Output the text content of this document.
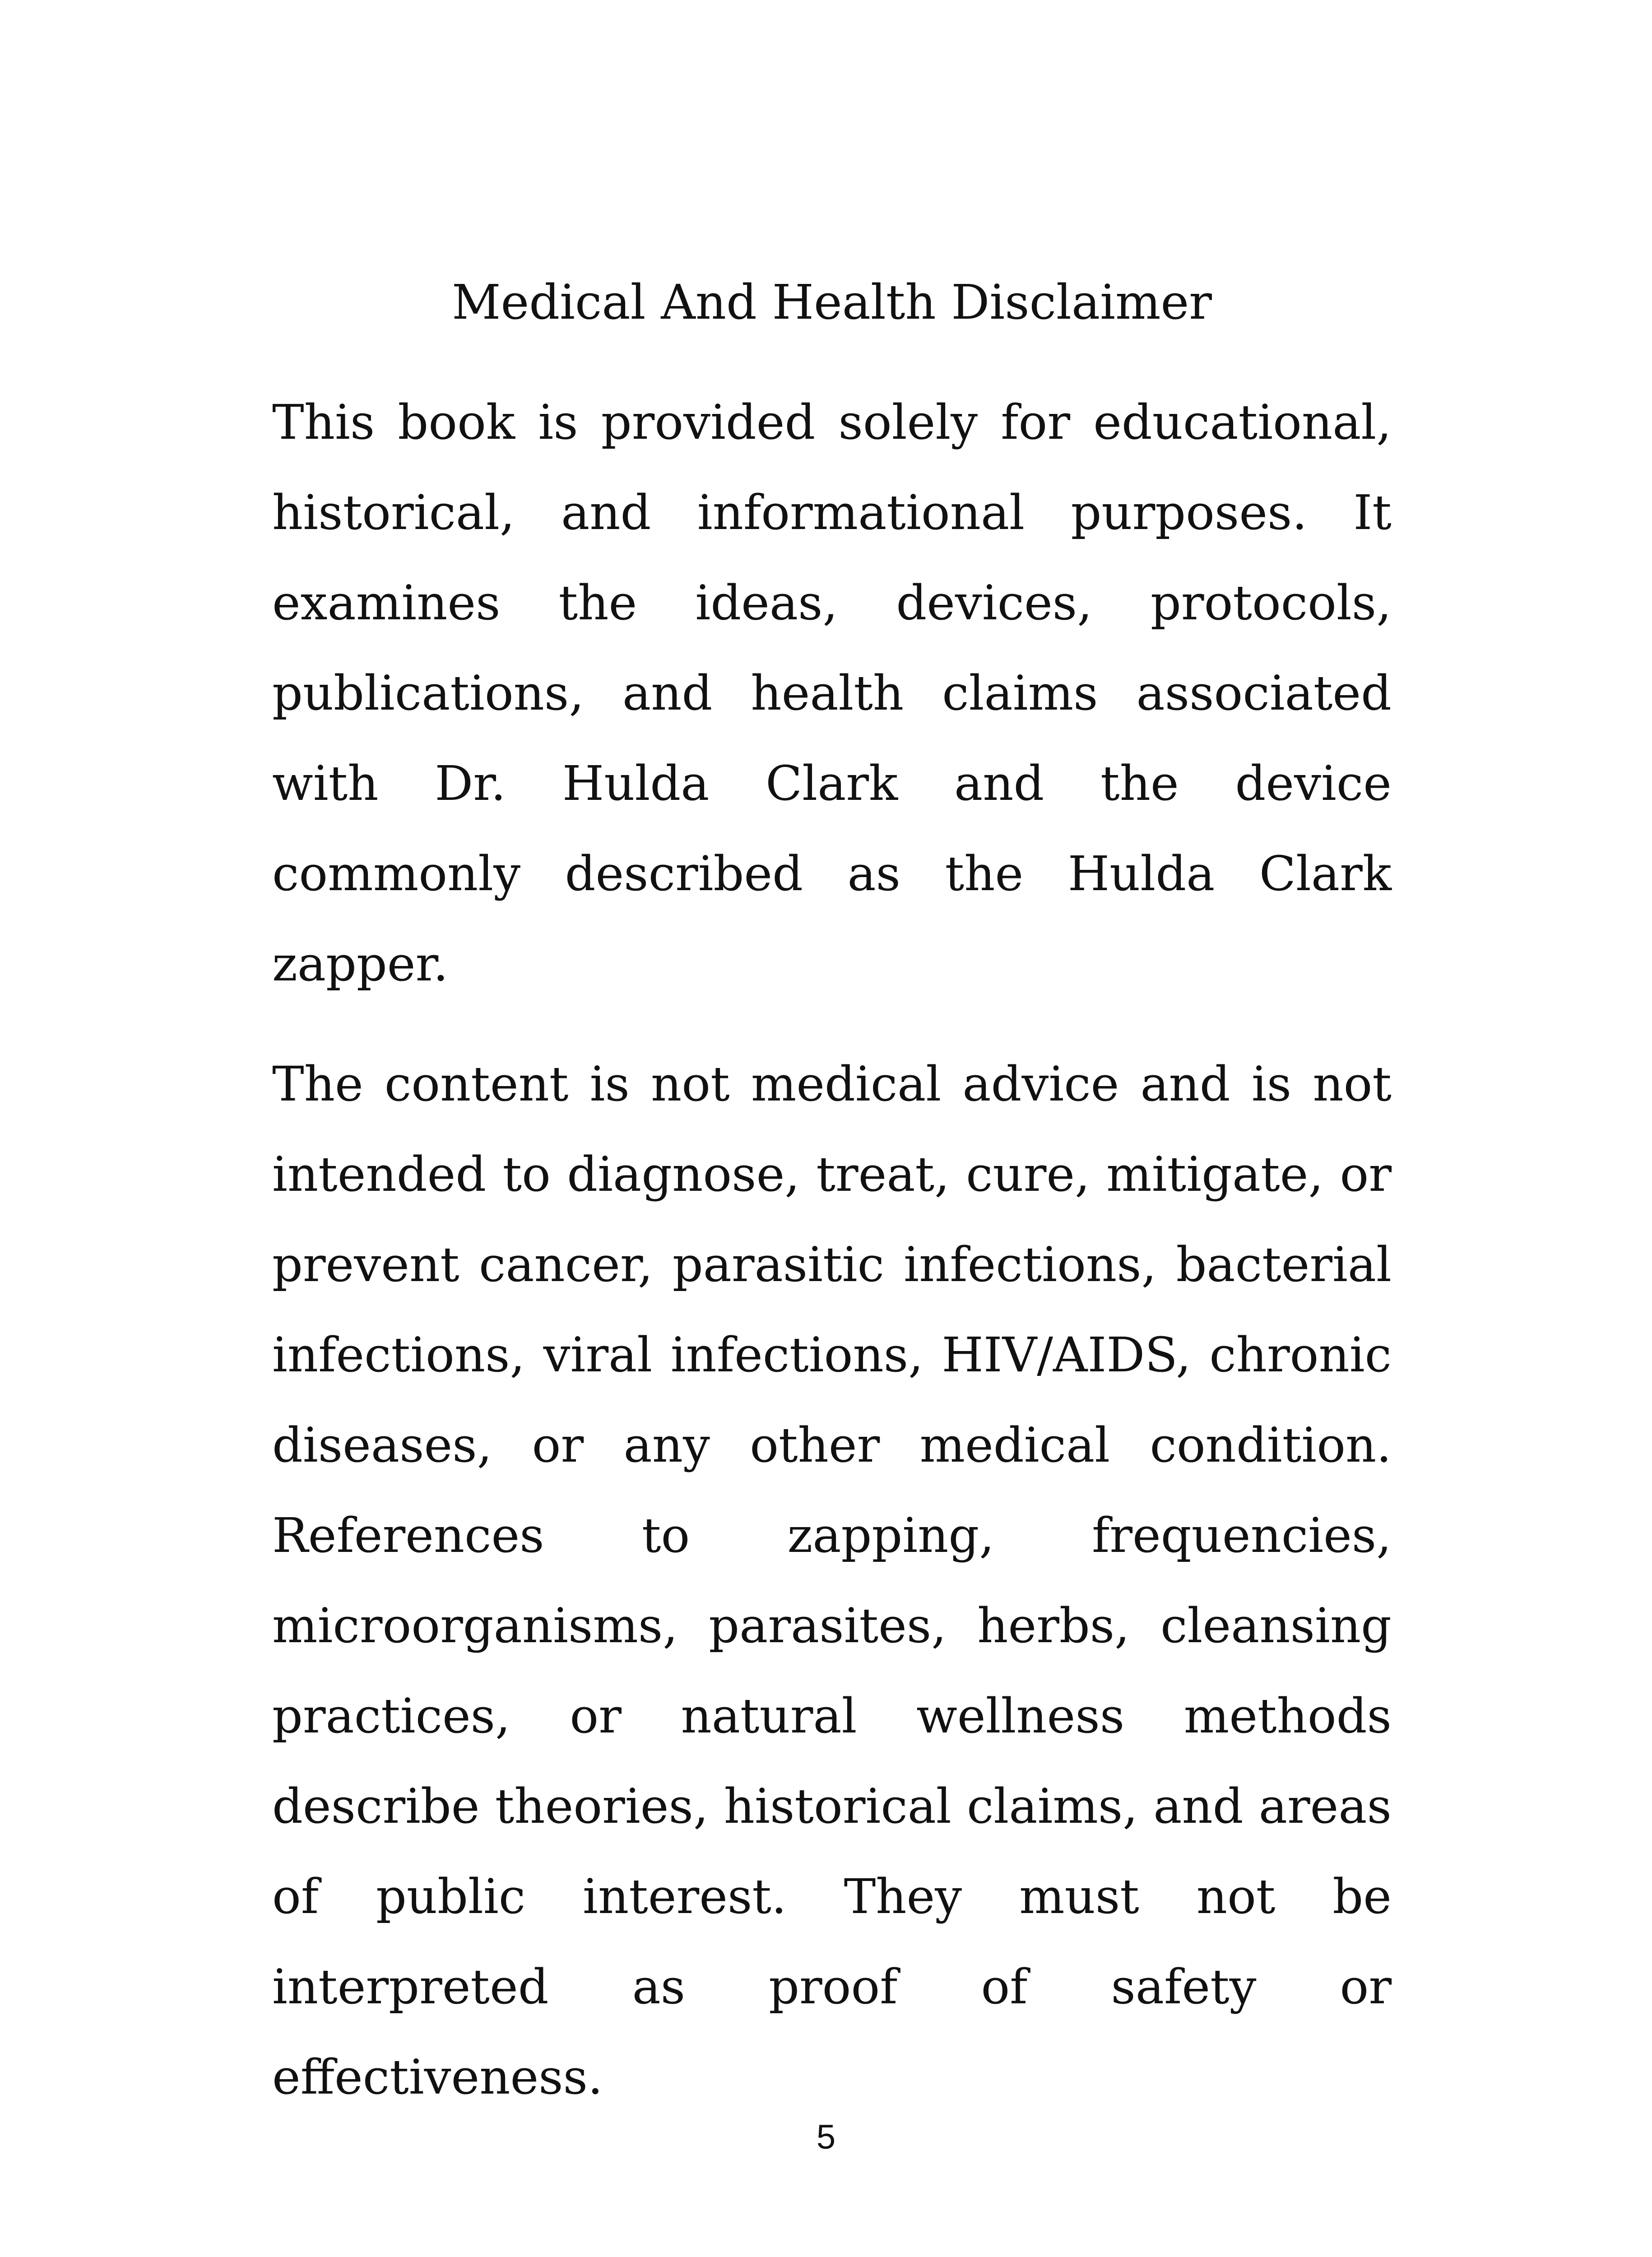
Medical And Health Disclaimer

This book is provided solely for educational, historical, and informational purposes. It examines the ideas, devices, protocols, publications, and health claims associated with Dr. Hulda Clark and the device commonly described as the Hulda Clark zapper.

The content is not medical advice and is not intended to diagnose, treat, cure, mitigate, or prevent cancer, parasitic infections, bacterial infections, viral infections, HIV/AIDS, chronic diseases, or any other medical condition. References to zapping, frequencies, microorganisms, parasites, herbs, cleansing practices, or natural wellness methods describe theories, historical claims, and areas of public interest. They must not be interpreted as proof of safety or effectiveness.

5
